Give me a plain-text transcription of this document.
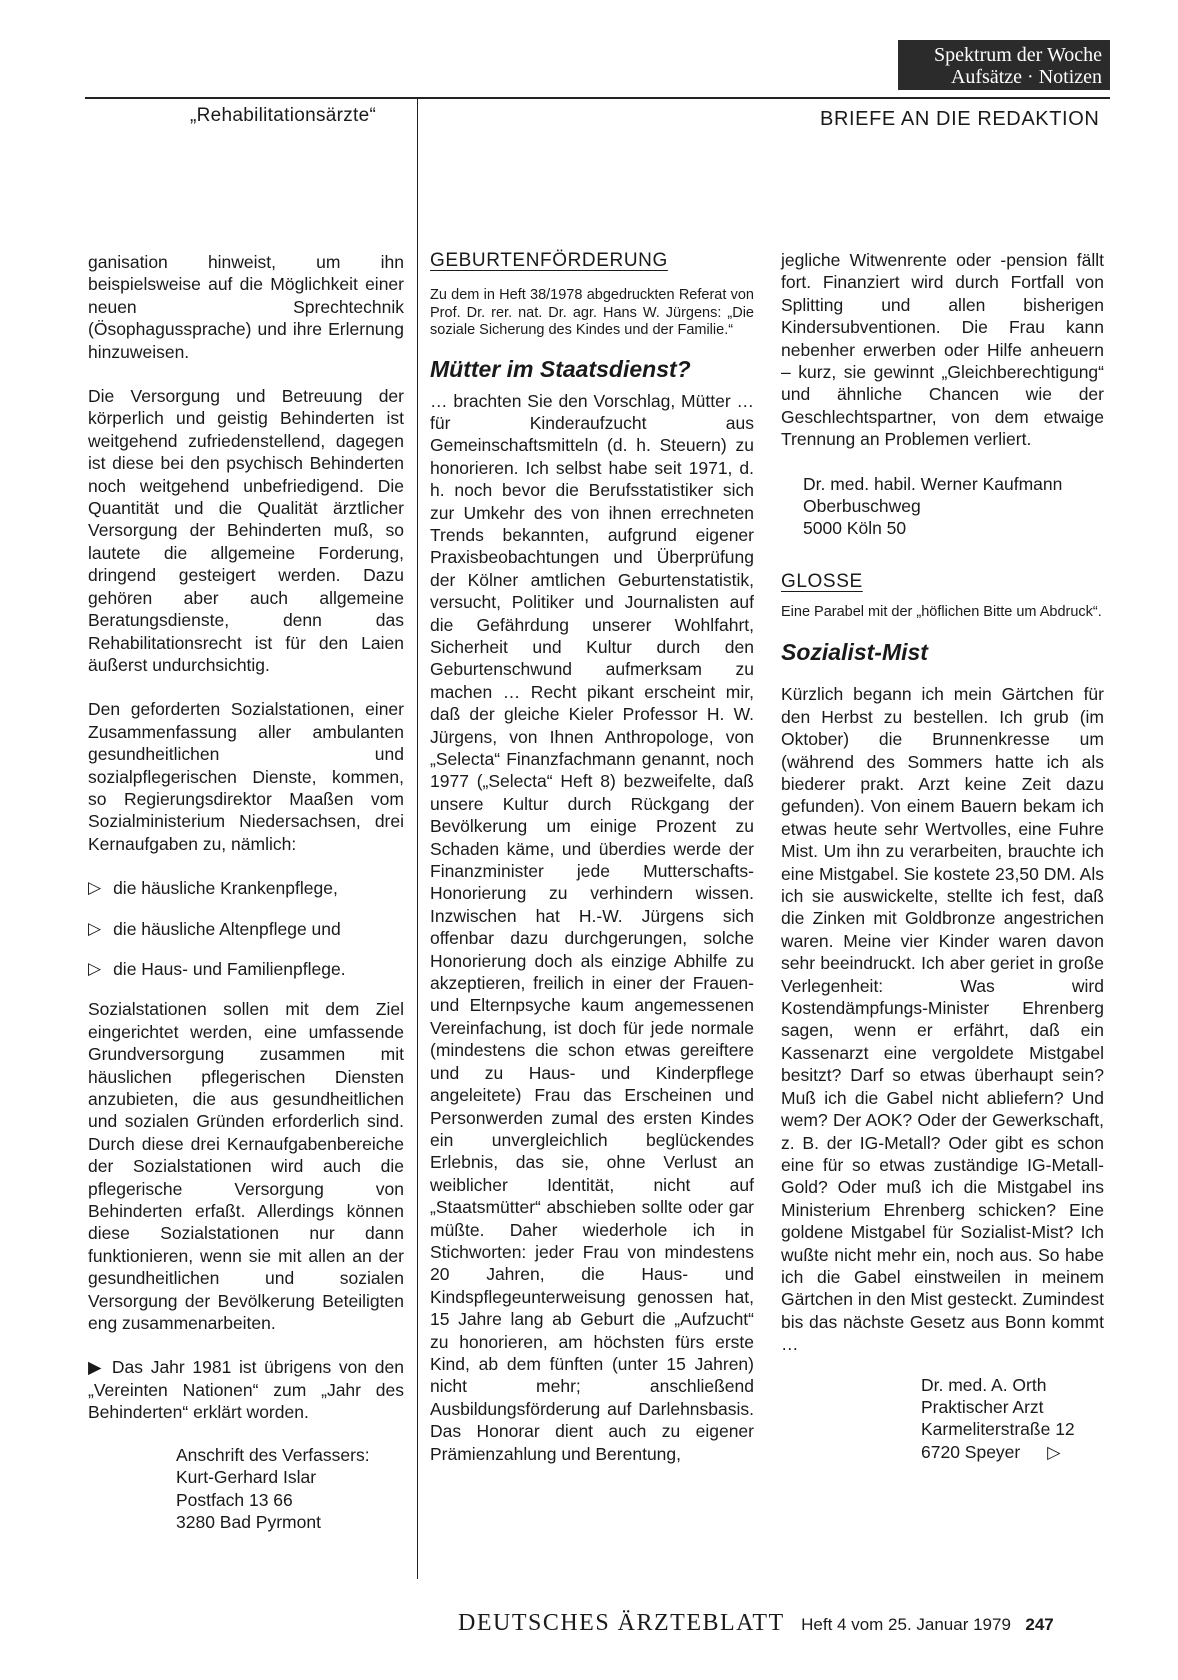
Spektrum der Woche
Aufsätze · Notizen
„Rehabilitationsärzte“	BRIEFE AN DIE REDAKTION

ganisation hinweist, um ihn beispielsweise auf die Möglichkeit einer neuen Sprechtechnik (Ösophagussprache) und ihre Erlernung hinzuweisen.

Die Versorgung und Betreuung der körperlich und geistig Behinderten ist weitgehend zufriedenstellend, dagegen ist diese bei den psychisch Behinderten noch weitgehend unbefriedigend. Die Quantität und die Qualität ärztlicher Versorgung der Behinderten muß, so lautete die allgemeine Forderung, dringend gesteigert werden. Dazu gehören aber auch allgemeine Beratungsdienste, denn das Rehabilitationsrecht ist für den Laien äußerst undurchsichtig.

Den geforderten Sozialstationen, einer Zusammenfassung aller ambulanten gesundheitlichen und sozialpflegerischen Dienste, kommen, so Regierungsdirektor Maaßen vom Sozialministerium Niedersachsen, drei Kernaufgaben zu, nämlich:

▷ die häusliche Krankenpflege,

▷ die häusliche Altenpflege und

▷ die Haus- und Familienpflege.

Sozialstationen sollen mit dem Ziel eingerichtet werden, eine umfassende Grundversorgung zusammen mit häuslichen pflegerischen Diensten anzubieten, die aus gesundheitlichen und sozialen Gründen erforderlich sind. Durch diese drei Kernaufgabenbereiche der Sozialstationen wird auch die pflegerische Versorgung von Behinderten erfaßt. Allerdings können diese Sozialstationen nur dann funktionieren, wenn sie mit allen an der gesundheitlichen und sozialen Versorgung der Bevölkerung Beteiligten eng zusammenarbeiten.

▶ Das Jahr 1981 ist übrigens von den „Vereinten Nationen“ zum „Jahr des Behinderten“ erklärt worden.

Anschrift des Verfassers:
Kurt-Gerhard Islar
Postfach 13 66
3280 Bad Pyrmont

GEBURTENFÖRDERUNG

Zu dem in Heft 38/1978 abgedruckten Referat von Prof. Dr. rer. nat. Dr. agr. Hans W. Jürgens: „Die soziale Sicherung des Kindes und der Familie.“

Mütter im Staatsdienst?

… brachten Sie den Vorschlag, Mütter … für Kinderaufzucht aus Gemeinschaftsmitteln (d. h. Steuern) zu honorieren. Ich selbst habe seit 1971, d. h. noch bevor die Berufsstatistiker sich zur Umkehr des von ihnen errechneten Trends bekannten, aufgrund eigener Praxisbeobachtungen und Überprüfung der Kölner amtlichen Geburtenstatistik, versucht, Politiker und Journalisten auf die Gefährdung unserer Wohlfahrt, Sicherheit und Kultur durch den Geburtenschwund aufmerksam zu machen … Recht pikant erscheint mir, daß der gleiche Kieler Professor H. W. Jürgens, von Ihnen Anthropologe, von „Selecta“ Finanzfachmann genannt, noch 1977 („Selecta“ Heft 8) bezweifelte, daß unsere Kultur durch Rückgang der Bevölkerung um einige Prozent zu Schaden käme, und überdies werde der Finanzminister jede Mutterschafts-Honorierung zu verhindern wissen. Inzwischen hat H.-W. Jürgens sich offenbar dazu durchgerungen, solche Honorierung doch als einzige Abhilfe zu akzeptieren, freilich in einer der Frauen- und Elternpsyche kaum angemessenen Vereinfachung, ist doch für jede normale (mindestens die schon etwas gereiftere und zu Haus- und Kinderpflege angeleitete) Frau das Erscheinen und Personwerden zumal des ersten Kindes ein unvergleichlich beglückendes Erlebnis, das sie, ohne Verlust an weiblicher Identität, nicht auf „Staatsmütter“ abschieben sollte oder gar müßte. Daher wiederhole ich in Stichworten: jeder Frau von mindestens 20 Jahren, die Haus- und Kindspflegeunterweisung genossen hat, 15 Jahre lang ab Geburt die „Aufzucht“ zu honorieren, am höchsten fürs erste Kind, ab dem fünften (unter 15 Jahren) nicht mehr; anschließend Ausbildungsförderung auf Darlehnsbasis. Das Honorar dient auch zu eigener Prämienzahlung und Berentung,

jegliche Witwenrente oder -pension fällt fort. Finanziert wird durch Fortfall von Splitting und allen bisherigen Kindersubventionen. Die Frau kann nebenher erwerben oder Hilfe anheuern – kurz, sie gewinnt „Gleichberechtigung“ und ähnliche Chancen wie der Geschlechtspartner, von dem etwaige Trennung an Problemen verliert.

Dr. med. habil. Werner Kaufmann
Oberbuschweg
5000 Köln 50

GLOSSE

Eine Parabel mit der „höflichen Bitte um Abdruck“.

Sozialist-Mist

Kürzlich begann ich mein Gärtchen für den Herbst zu bestellen. Ich grub (im Oktober) die Brunnenkresse um (während des Sommers hatte ich als biederer prakt. Arzt keine Zeit dazu gefunden). Von einem Bauern bekam ich etwas heute sehr Wertvolles, eine Fuhre Mist. Um ihn zu verarbeiten, brauchte ich eine Mistgabel. Sie kostete 23,50 DM. Als ich sie auswickelte, stellte ich fest, daß die Zinken mit Goldbronze angestrichen waren. Meine vier Kinder waren davon sehr beeindruckt. Ich aber geriet in große Verlegenheit: Was wird Kostendämpfungs-Minister Ehrenberg sagen, wenn er erfährt, daß ein Kassenarzt eine vergoldete Mistgabel besitzt? Darf so etwas überhaupt sein? Muß ich die Gabel nicht abliefern? Und wem? Der AOK? Oder der Gewerkschaft, z. B. der IG-Metall? Oder gibt es schon eine für so etwas zuständige IG-Metall-Gold? Oder muß ich die Mistgabel ins Ministerium Ehrenberg schicken? Eine goldene Mistgabel für Sozialist-Mist? Ich wußte nicht mehr ein, noch aus. So habe ich die Gabel einstweilen in meinem Gärtchen in den Mist gesteckt. Zumindest bis das nächste Gesetz aus Bonn kommt …

Dr. med. A. Orth
Praktischer Arzt
Karmeliterstraße 12
6720 Speyer ▷
DEUTSCHES ÄRZTEBLATT Heft 4 vom 25. Januar 1979 247
